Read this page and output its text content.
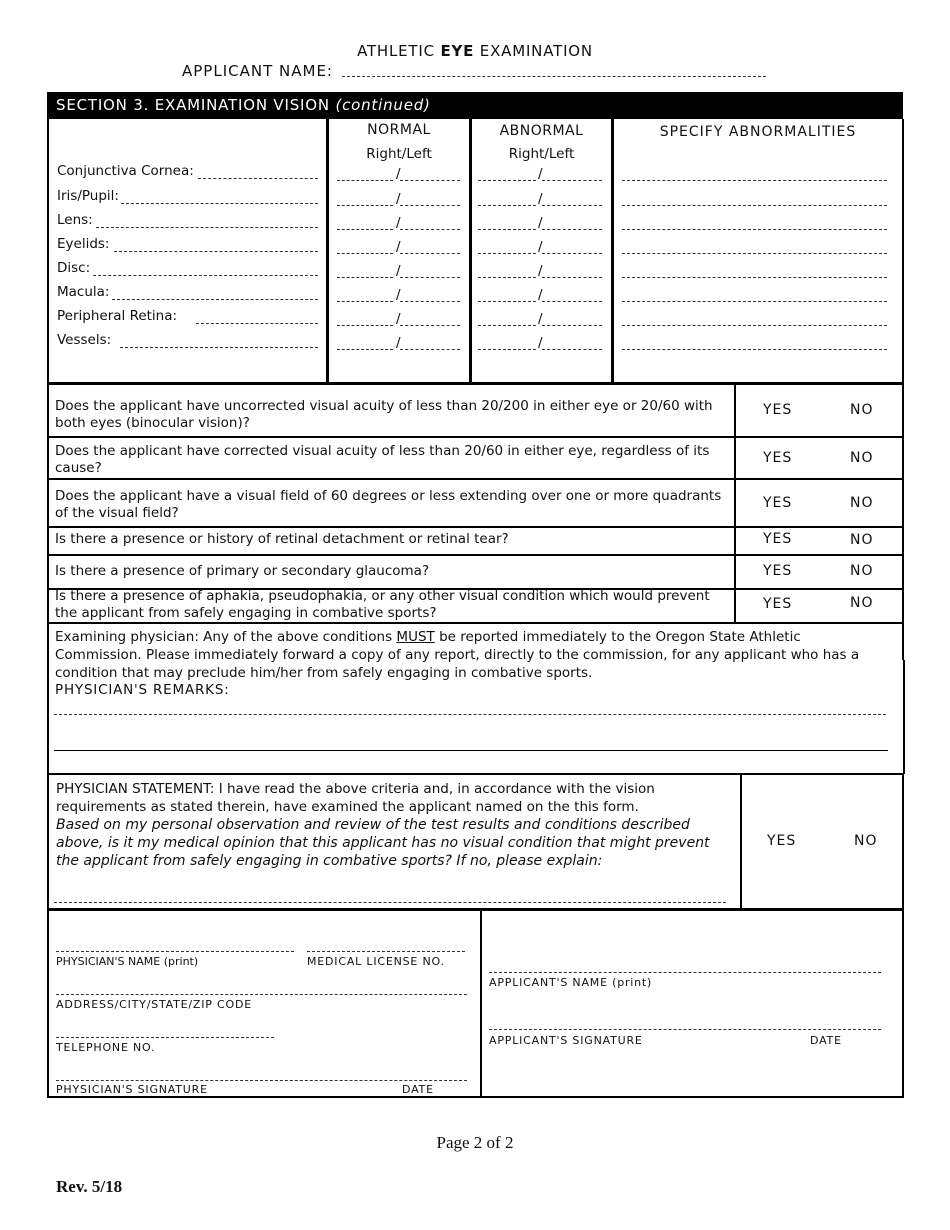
ATHLETIC EYE EXAMINATION
APPLICANT NAME:
SECTION 3. EXAMINATION VISION (continued)
NORMAL
Right/Left
ABNORMAL
Right/Left
SPECIFY ABNORMALITIES
Conjunctiva Cornea:	/	/
Iris/Pupil:	/	/
Lens:	/	/
Eyelids:	/	/
Disc:	/	/
Macula:	/	/
Peripheral Retina:	/	/
Vessels:	/	/
Does the applicant have uncorrected visual acuity of less than 20/200 in either eye or 20/60 with both eyes (binocular vision)?
YES	NO
Does the applicant have corrected visual acuity of less than 20/60 in either eye, regardless of its cause?
YES	NO
Does the applicant have a visual field of 60 degrees or less extending over one or more quadrants of the visual field?
YES	NO
Is there a presence or history of retinal detachment or retinal tear?	YES	NO
Is there a presence of primary or secondary glaucoma?	YES	NO
Is there a presence of aphakia, pseudophakia, or any other visual condition which would prevent the applicant from safely engaging in combative sports?
YES	NO
Examining physician: Any of the above conditions MUST be reported immediately to the Oregon State Athletic Commission. Please immediately forward a copy of any report, directly to the commission, for any applicant who has a condition that may preclude him/her from safely engaging in combative sports.
PHYSICIAN'S REMARKS:
PHYSICIAN STATEMENT: I have read the above criteria and, in accordance with the vision requirements as stated therein, have examined the applicant named on the this form.
Based on my personal observation and review of the test results and conditions described above, is it my medical opinion that this applicant has no visual condition that might prevent the applicant from safely engaging in combative sports? If no, please explain:
YES	NO
PHYSICIAN'S NAME (print)	MEDICAL LICENSE NO.
ADDRESS/CITY/STATE/ZIP CODE
TELEPHONE NO.
PHYSICIAN'S SIGNATURE	DATE
APPLICANT'S NAME (print)
APPLICANT'S SIGNATURE	DATE
Page 2 of 2
Rev. 5/18
